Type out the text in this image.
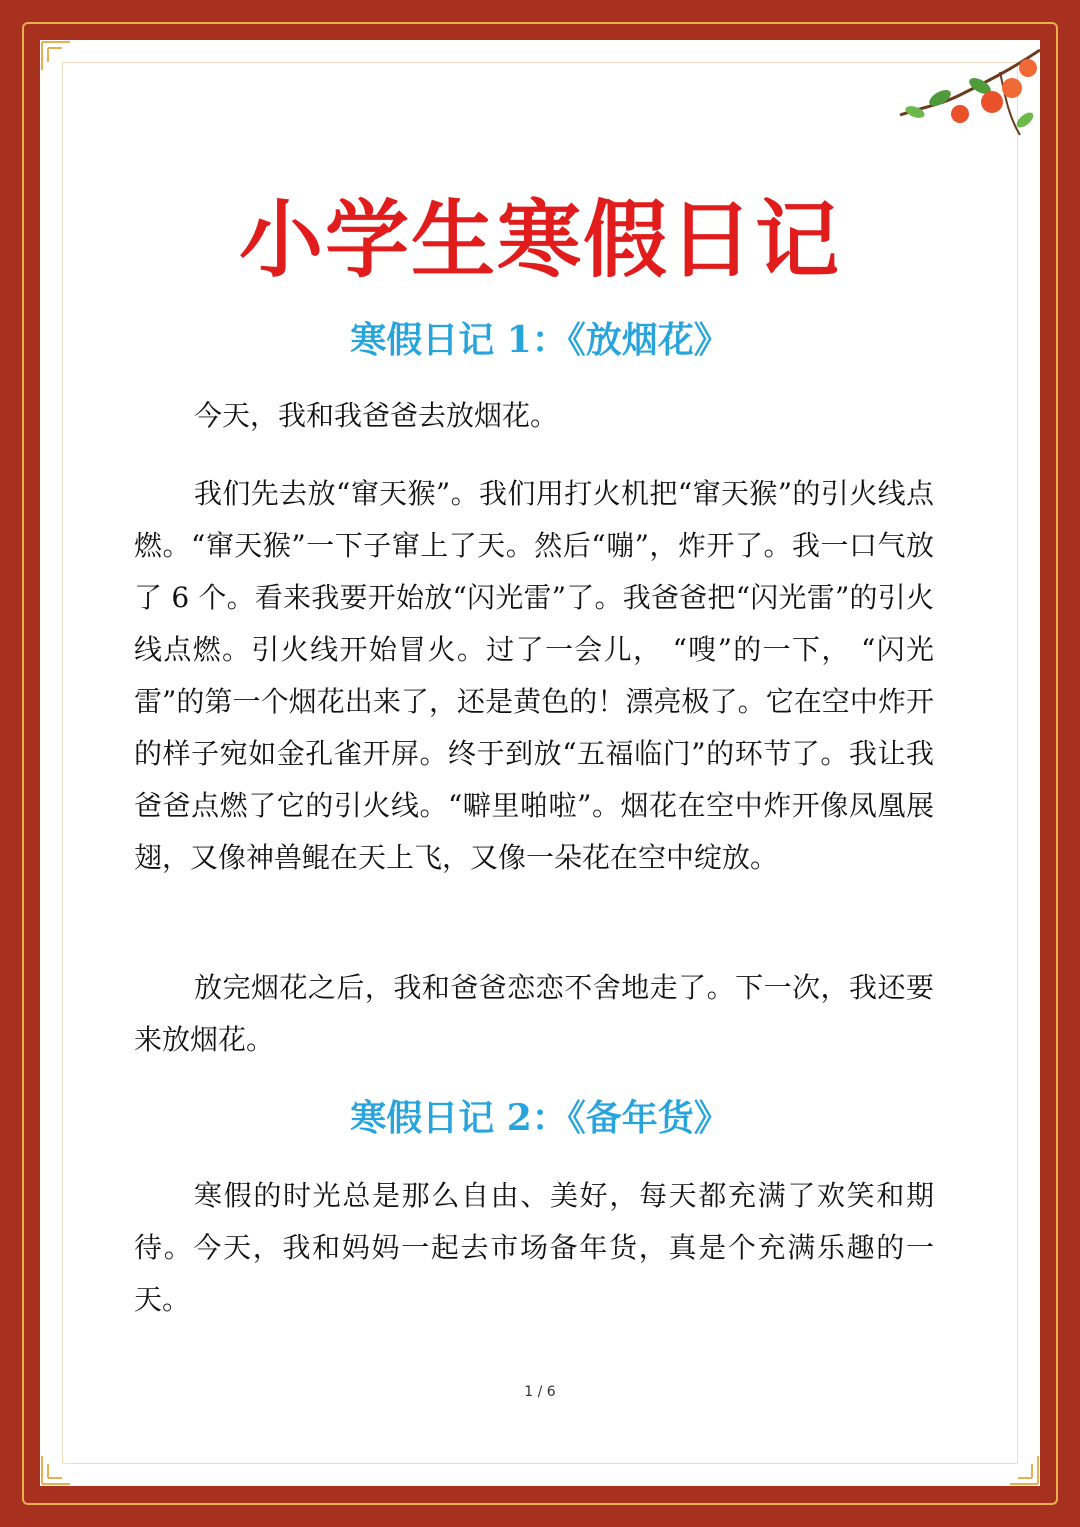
小学生寒假日记
寒假日记 1：《放烟花》

今天，我和我爸爸去放烟花。

我们先去放“窜天猴”。我们用打火机把“窜天猴”的引火线点燃。“窜天猴”一下子窜上了天。然后“嘣”，炸开了。我一口气放了 6 个。看来我要开始放“闪光雷”了。我爸爸把“闪光雷”的引火线点燃。引火线开始冒火。过了一会儿， “嗖”的一下， “闪光雷”的第一个烟花出来了，还是黄色的！漂亮极了。它在空中炸开的样子宛如金孔雀开屏。终于到放“五福临门”的环节了。我让我爸爸点燃了它的引火线。“噼里啪啦”。烟花在空中炸开像凤凰展翅，又像神兽鲲在天上飞，又像一朵花在空中绽放。

放完烟花之后，我和爸爸恋恋不舍地走了。下一次，我还要来放烟花。

寒假日记 2：《备年货》

寒假的时光总是那么自由、美好，每天都充满了欢笑和期待。今天，我和妈妈一起去市场备年货，真是个充满乐趣的一天。

1 / 6
